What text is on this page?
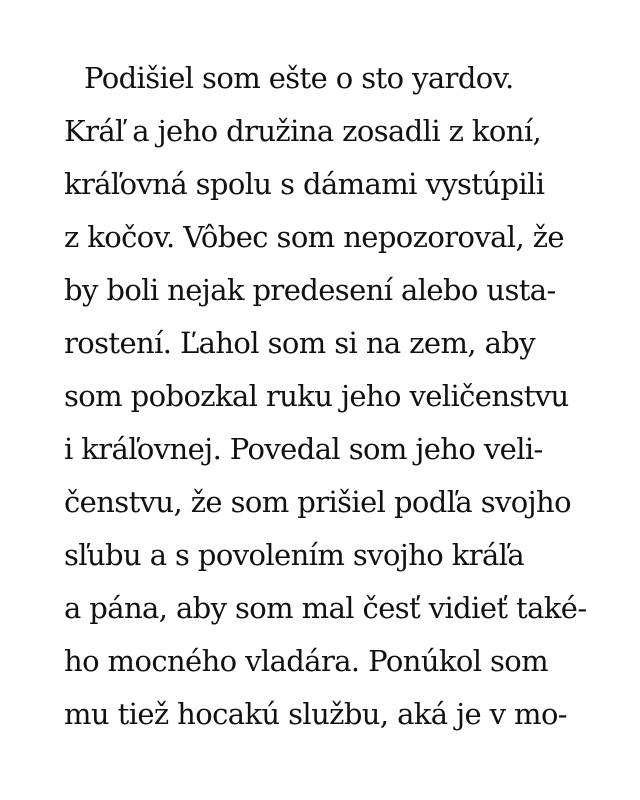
Podišiel som ešte o sto yardov.
Kráľ a jeho družina zosadli z koní,
kráľovná spolu s dámami vystúpili
z kočov. Vôbec som nepozoroval, že
by boli nejak predesení alebo usta-
rostení. Ľahol som si na zem, aby
som pobozkal ruku jeho veličenstvu
i kráľovnej. Povedal som jeho veli-
čenstvu, že som prišiel podľa svojho
sľubu a s povolením svojho kráľa
a pána, aby som mal česť vidieť také-
ho mocného vladára. Ponúkol som
mu tiež hocakú službu, aká je v mo-
